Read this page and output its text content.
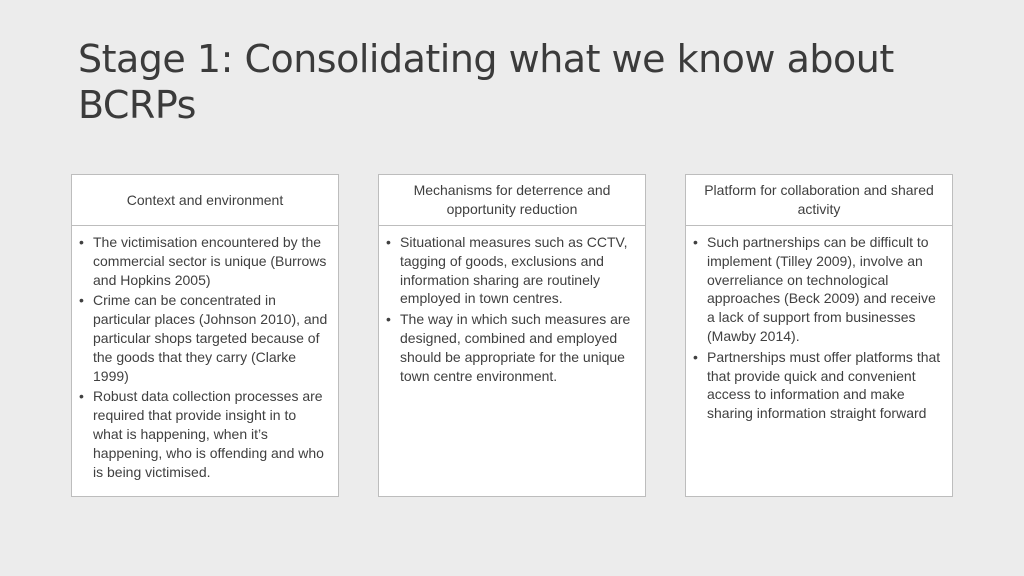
Stage 1: Consolidating what we know about BCRPs
Context and environment
• The victimisation encountered by the commercial sector is unique (Burrows and Hopkins 2005)
• Crime can be concentrated in particular places (Johnson 2010), and particular shops targeted because of the goods that they carry (Clarke 1999)
• Robust data collection processes are required that provide insight in to what is happening, when it’s happening, who is offending and who is being victimised.
Mechanisms for deterrence and opportunity reduction
• Situational measures such as CCTV, tagging of goods, exclusions and information sharing are routinely employed in town centres.
• The way in which such measures are designed, combined and employed should be appropriate for the unique town centre environment.
Platform for collaboration and shared activity
• Such partnerships can be difficult to implement (Tilley 2009), involve an overreliance on technological approaches (Beck 2009) and receive a lack of support from businesses (Mawby 2014).
• Partnerships must offer platforms that that provide quick and convenient access to information and make sharing information straight forward
